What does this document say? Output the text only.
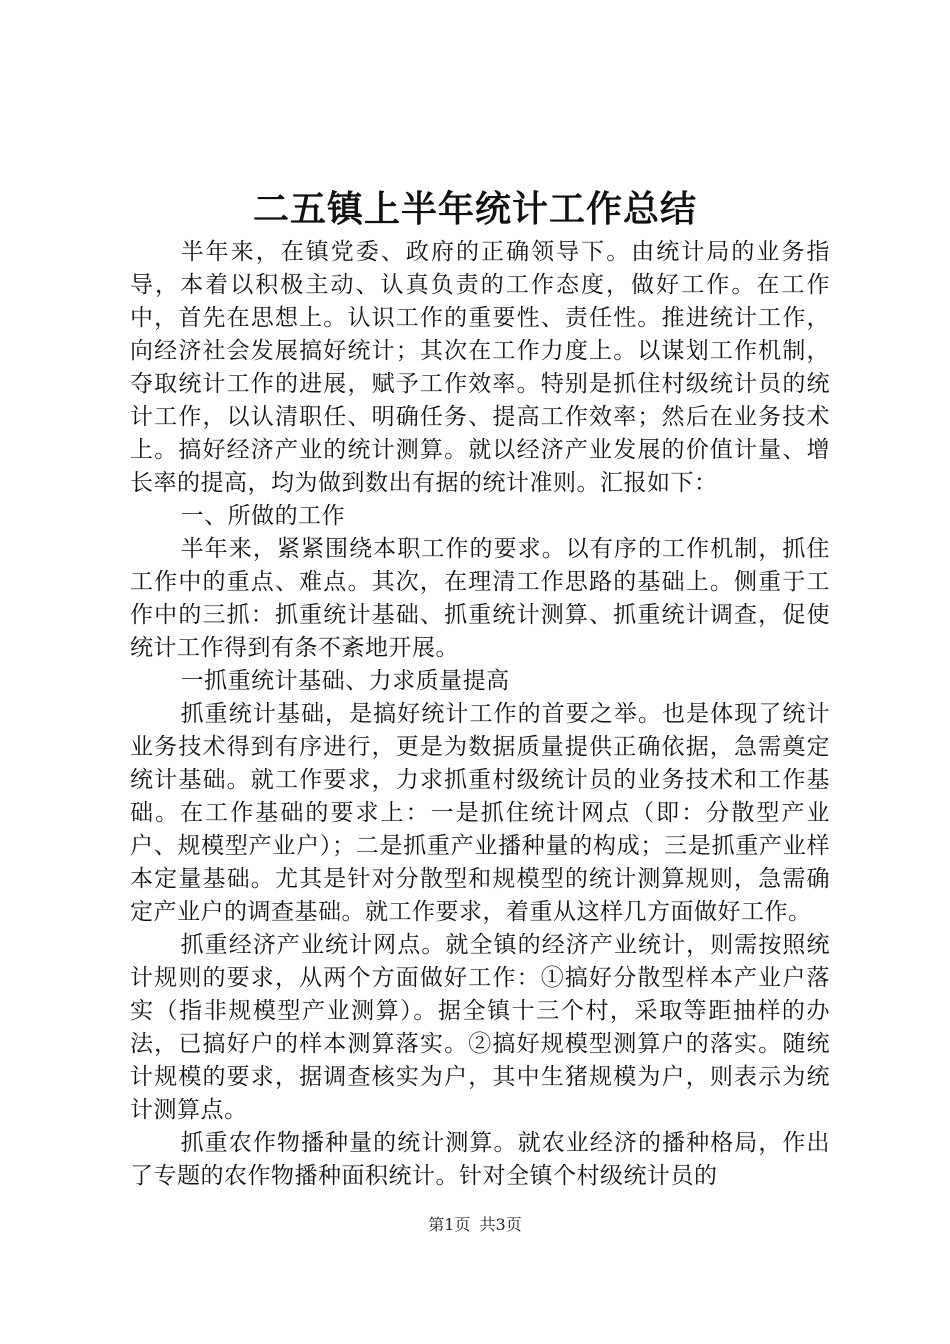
二五镇上半年统计工作总结

半年来，在镇党委、政府的正确领导下。由统计局的业务指导，本着以积极主动、认真负责的工作态度，做好工作。在工作中，首先在思想上。认识工作的重要性、责任性。推进统计工作，向经济社会发展搞好统计；其次在工作力度上。以谋划工作机制，夺取统计工作的进展，赋予工作效率。特别是抓住村级统计员的统计工作，以认清职任、明确任务、提高工作效率；然后在业务技术上。搞好经济产业的统计测算。就以经济产业发展的价值计量、增长率的提高，均为做到数出有据的统计准则。汇报如下：

一、所做的工作

半年来，紧紧围绕本职工作的要求。以有序的工作机制，抓住工作中的重点、难点。其次，在理清工作思路的基础上。侧重于工作中的三抓：抓重统计基础、抓重统计测算、抓重统计调查，促使统计工作得到有条不紊地开展。

一抓重统计基础、力求质量提高

抓重统计基础，是搞好统计工作的首要之举。也是体现了统计业务技术得到有序进行，更是为数据质量提供正确依据，急需奠定统计基础。就工作要求，力求抓重村级统计员的业务技术和工作基础。在工作基础的要求上：一是抓住统计网点（即：分散型产业户、规模型产业户）；二是抓重产业播种量的构成；三是抓重产业样本定量基础。尤其是针对分散型和规模型的统计测算规则，急需确定产业户的调查基础。就工作要求，着重从这样几方面做好工作。

抓重经济产业统计网点。就全镇的经济产业统计，则需按照统计规则的要求，从两个方面做好工作：①搞好分散型样本产业户落实（指非规模型产业测算）。据全镇十三个村，采取等距抽样的办法，已搞好户的样本测算落实。②搞好规模型测算户的落实。随统计规模的要求，据调查核实为户，其中生猪规模为户，则表示为统计测算点。

抓重农作物播种量的统计测算。就农业经济的播种格局，作出了专题的农作物播种面积统计。针对全镇个村级统计员的

第1页 共3页
